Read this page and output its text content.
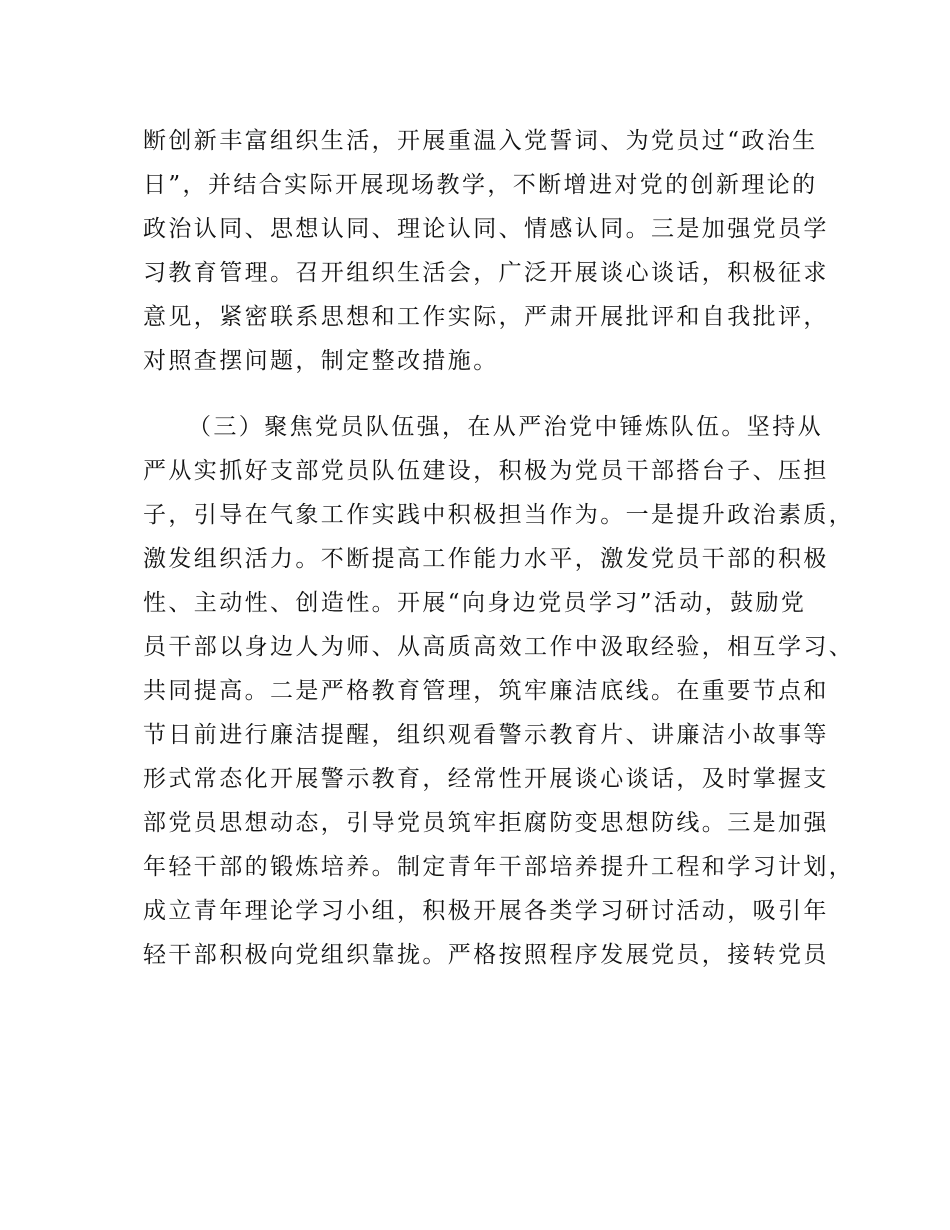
断创新丰富组织生活，开展重温入党誓词、为党员过“政治生
日”，并结合实际开展现场教学，不断增进对党的创新理论的
政治认同、思想认同、理论认同、情感认同。三是加强党员学
习教育管理。召开组织生活会，广泛开展谈心谈话，积极征求
意见，紧密联系思想和工作实际，严肃开展批评和自我批评，
对照查摆问题，制定整改措施。
（三）聚焦党员队伍强，在从严治党中锤炼队伍。坚持从
严从实抓好支部党员队伍建设，积极为党员干部搭台子、压担
子，引导在气象工作实践中积极担当作为。一是提升政治素质，
激发组织活力。不断提高工作能力水平，激发党员干部的积极
性、主动性、创造性。开展“向身边党员学习”活动，鼓励党
员干部以身边人为师、从高质高效工作中汲取经验，相互学习、
共同提高。二是严格教育管理，筑牢廉洁底线。在重要节点和
节日前进行廉洁提醒，组织观看警示教育片、讲廉洁小故事等
形式常态化开展警示教育，经常性开展谈心谈话，及时掌握支
部党员思想动态，引导党员筑牢拒腐防变思想防线。三是加强
年轻干部的锻炼培养。制定青年干部培养提升工程和学习计划，
成立青年理论学习小组，积极开展各类学习研讨活动，吸引年
轻干部积极向党组织靠拢。严格按照程序发展党员，接转党员
